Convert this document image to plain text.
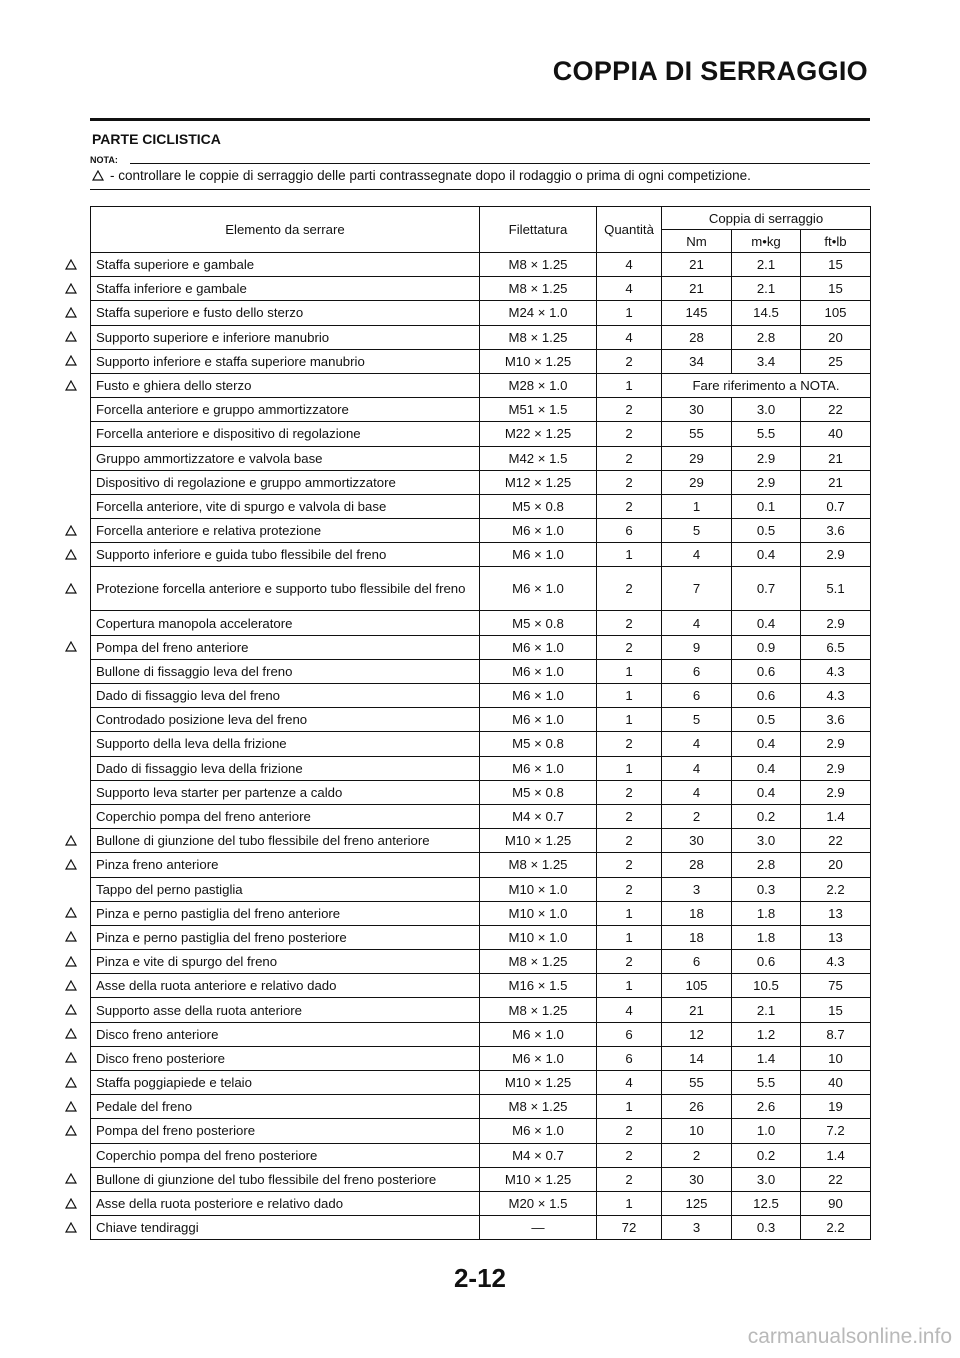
COPPIA DI SERRAGGIO
PARTE CICLISTICA
NOTA:
- controllare le coppie di serraggio delle parti contrassegnate dopo il rodaggio o prima di ogni competizione.
Elemento da serrare	Filettatura	Quantità	Coppia di serraggio		
			Nm	m•kg	ft•lb

Staffa superiore e gambale	M8 × 1.25	4	21	2.1	15

Staffa inferiore e gambale	M8 × 1.25	4	21	2.1	15

Staffa superiore e fusto dello sterzo	M24 × 1.0	1	145	14.5	105

Supporto superiore e inferiore manubrio	M8 × 1.25	4	28	2.8	20

Supporto inferiore e staffa superiore manubrio	M10 × 1.25	2	34	3.4	25

Fusto e ghiera dello sterzo	M28 × 1.0	1	Fare riferimento a NOTA.		
Forcella anteriore e gruppo ammortizzatore	M51 × 1.5	2	30	3.0	22
Forcella anteriore e dispositivo di regolazione	M22 × 1.25	2	55	5.5	40
Gruppo ammortizzatore e valvola base	M42 × 1.5	2	29	2.9	21
Dispositivo di regolazione e gruppo ammortizzatore	M12 × 1.25	2	29	2.9	21
Forcella anteriore, vite di spurgo e valvola di base	M5 × 0.8	2	1	0.1	0.7

Forcella anteriore e relativa protezione	M6 × 1.0	6	5	0.5	3.6

Supporto inferiore e guida tubo flessibile del freno	M6 × 1.0	1	4	0.4	2.9

Protezione forcella anteriore e supporto tubo flessibile del freno	M6 × 1.0	2	7	0.7	5.1
Copertura manopola acceleratore	M5 × 0.8	2	4	0.4	2.9

Pompa del freno anteriore	M6 × 1.0	2	9	0.9	6.5
Bullone di fissaggio leva del freno	M6 × 1.0	1	6	0.6	4.3
Dado di fissaggio leva del freno	M6 × 1.0	1	6	0.6	4.3
Controdado posizione leva del freno	M6 × 1.0	1	5	0.5	3.6
Supporto della leva della frizione	M5 × 0.8	2	4	0.4	2.9
Dado di fissaggio leva della frizione	M6 × 1.0	1	4	0.4	2.9
Supporto leva starter per partenze a caldo	M5 × 0.8	2	4	0.4	2.9
Coperchio pompa del freno anteriore	M4 × 0.7	2	2	0.2	1.4

Bullone di giunzione del tubo flessibile del freno anteriore	M10 × 1.25	2	30	3.0	22

Pinza freno anteriore	M8 × 1.25	2	28	2.8	20
Tappo del perno pastiglia	M10 × 1.0	2	3	0.3	2.2

Pinza e perno pastiglia del freno anteriore	M10 × 1.0	1	18	1.8	13

Pinza e perno pastiglia del freno posteriore	M10 × 1.0	1	18	1.8	13

Pinza e vite di spurgo del freno	M8 × 1.25	2	6	0.6	4.3

Asse della ruota anteriore e relativo dado	M16 × 1.5	1	105	10.5	75

Supporto asse della ruota anteriore	M8 × 1.25	4	21	2.1	15

Disco freno anteriore	M6 × 1.0	6	12	1.2	8.7

Disco freno posteriore	M6 × 1.0	6	14	1.4	10

Staffa poggiapiede e telaio	M10 × 1.25	4	55	5.5	40

Pedale del freno	M8 × 1.25	1	26	2.6	19

Pompa del freno posteriore	M6 × 1.0	2	10	1.0	7.2
Coperchio pompa del freno posteriore	M4 × 0.7	2	2	0.2	1.4

Bullone di giunzione del tubo flessibile del freno posteriore	M10 × 1.25	2	30	3.0	22

Asse della ruota posteriore e relativo dado	M20 × 1.5	1	125	12.5	90

Chiave tendiraggi	—	72	3	0.3	2.2
2-12
carmanualsonline.info
